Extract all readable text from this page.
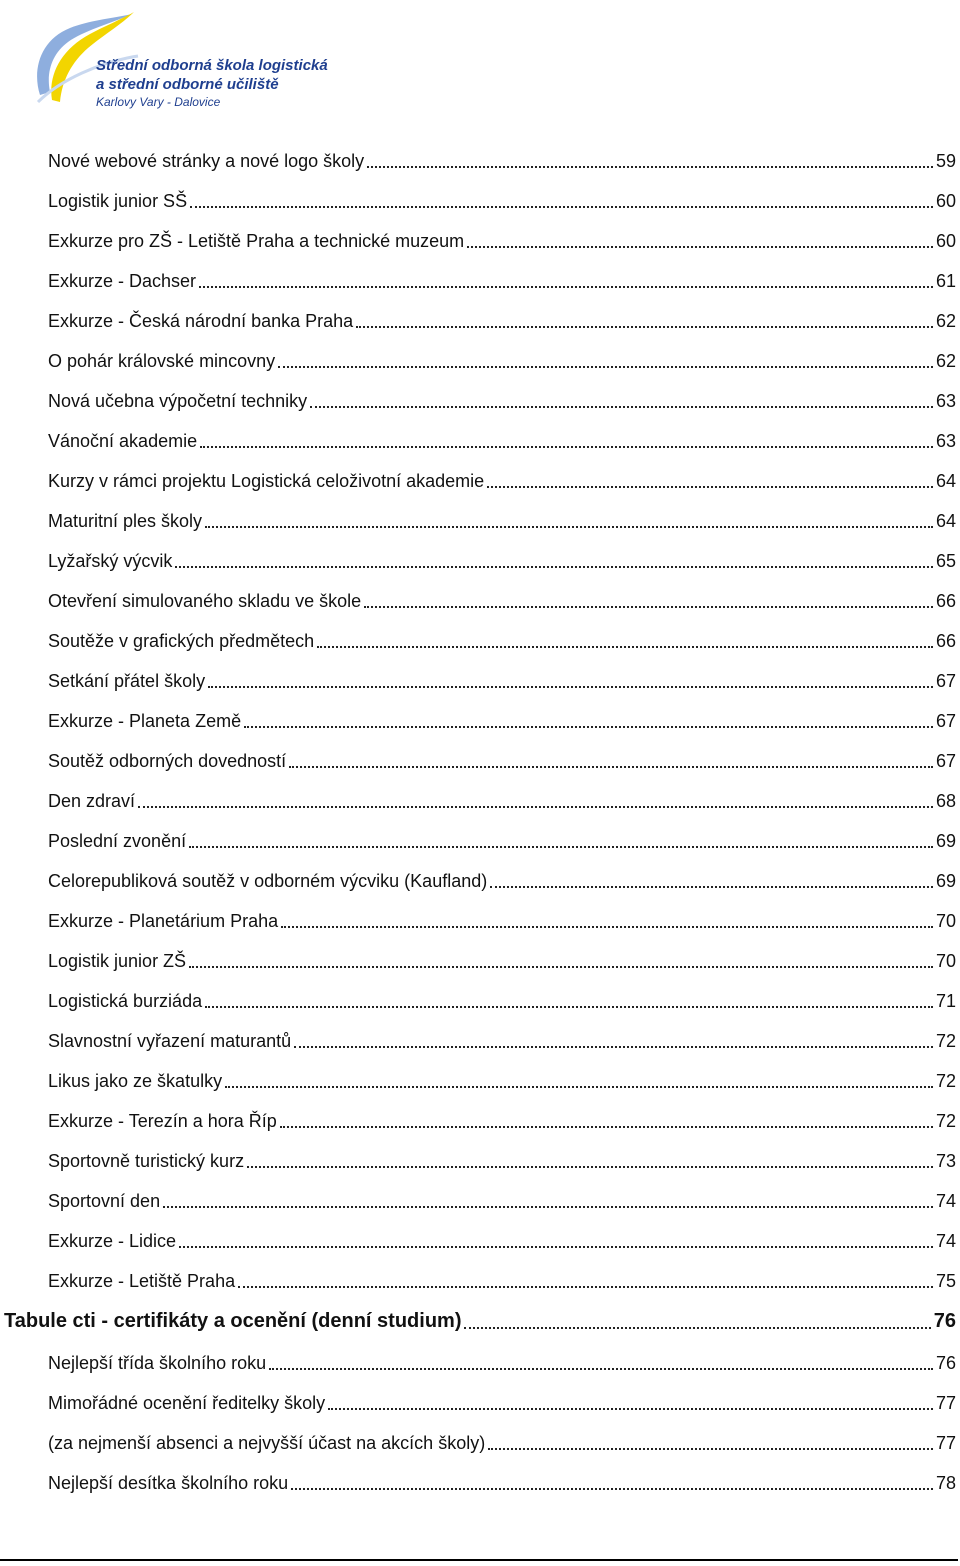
Střední odborná škola logistická
a střední odborné učiliště
Karlovy Vary - Dalovice
Nové webové stránky a nové logo školy	59
Logistik junior SŠ	60
Exkurze pro ZŠ - Letiště Praha a technické muzeum	60
Exkurze - Dachser	61
Exkurze - Česká národní banka Praha	62
O pohár královské mincovny	62
Nová učebna výpočetní techniky	63
Vánoční akademie	63
Kurzy v rámci projektu Logistická celoživotní akademie	64
Maturitní ples školy	64
Lyžařský výcvik	65
Otevření simulovaného skladu ve škole	66
Soutěže v grafických předmětech	66
Setkání přátel školy	67
Exkurze - Planeta Země	67
Soutěž odborných dovedností	67
Den zdraví	68
Poslední zvonění	69
Celorepubliková soutěž v odborném výcviku (Kaufland)	69
Exkurze - Planetárium Praha	70
Logistik junior ZŠ	70
Logistická burziáda	71
Slavnostní vyřazení maturantů	72
Likus jako ze škatulky	72
Exkurze - Terezín a hora Říp	72
Sportovně turistický kurz	73
Sportovní den	74
Exkurze - Lidice	74
Exkurze - Letiště Praha	75
Tabule cti - certifikáty a ocenění (denní studium)	76
Nejlepší třída školního roku	76
Mimořádné ocenění ředitelky školy	77
(za nejmenší absenci a nejvyšší účast na akcích školy)	77
Nejlepší desítka školního roku	78
